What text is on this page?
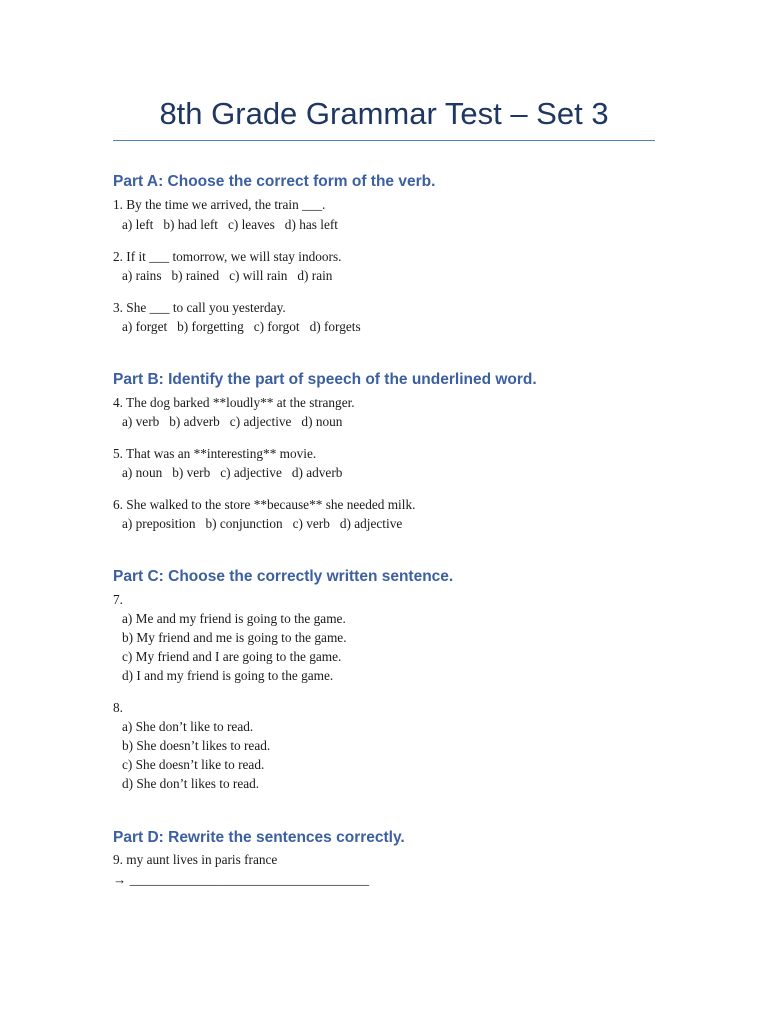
8th Grade Grammar Test – Set 3
Part A: Choose the correct form of the verb.
1. By the time we arrived, the train ___.
a) left   b) had left   c) leaves   d) has left
2. If it ___ tomorrow, we will stay indoors.
a) rains   b) rained   c) will rain   d) rain
3. She ___ to call you yesterday.
a) forget   b) forgetting   c) forgot   d) forgets
Part B: Identify the part of speech of the underlined word.
4. The dog barked **loudly** at the stranger.
a) verb   b) adverb   c) adjective   d) noun
5. That was an **interesting** movie.
a) noun   b) verb   c) adjective   d) adverb
6. She walked to the store **because** she needed milk.
a) preposition   b) conjunction   c) verb   d) adjective
Part C: Choose the correctly written sentence.
7.
a) Me and my friend is going to the game.
b) My friend and me is going to the game.
c) My friend and I are going to the game.
d) I and my friend is going to the game.
8.
a) She don’t like to read.
b) She doesn’t likes to read.
c) She doesn’t like to read.
d) She don’t likes to read.
Part D: Rewrite the sentences correctly.
9. my aunt lives in paris france
→ ____________________________________
